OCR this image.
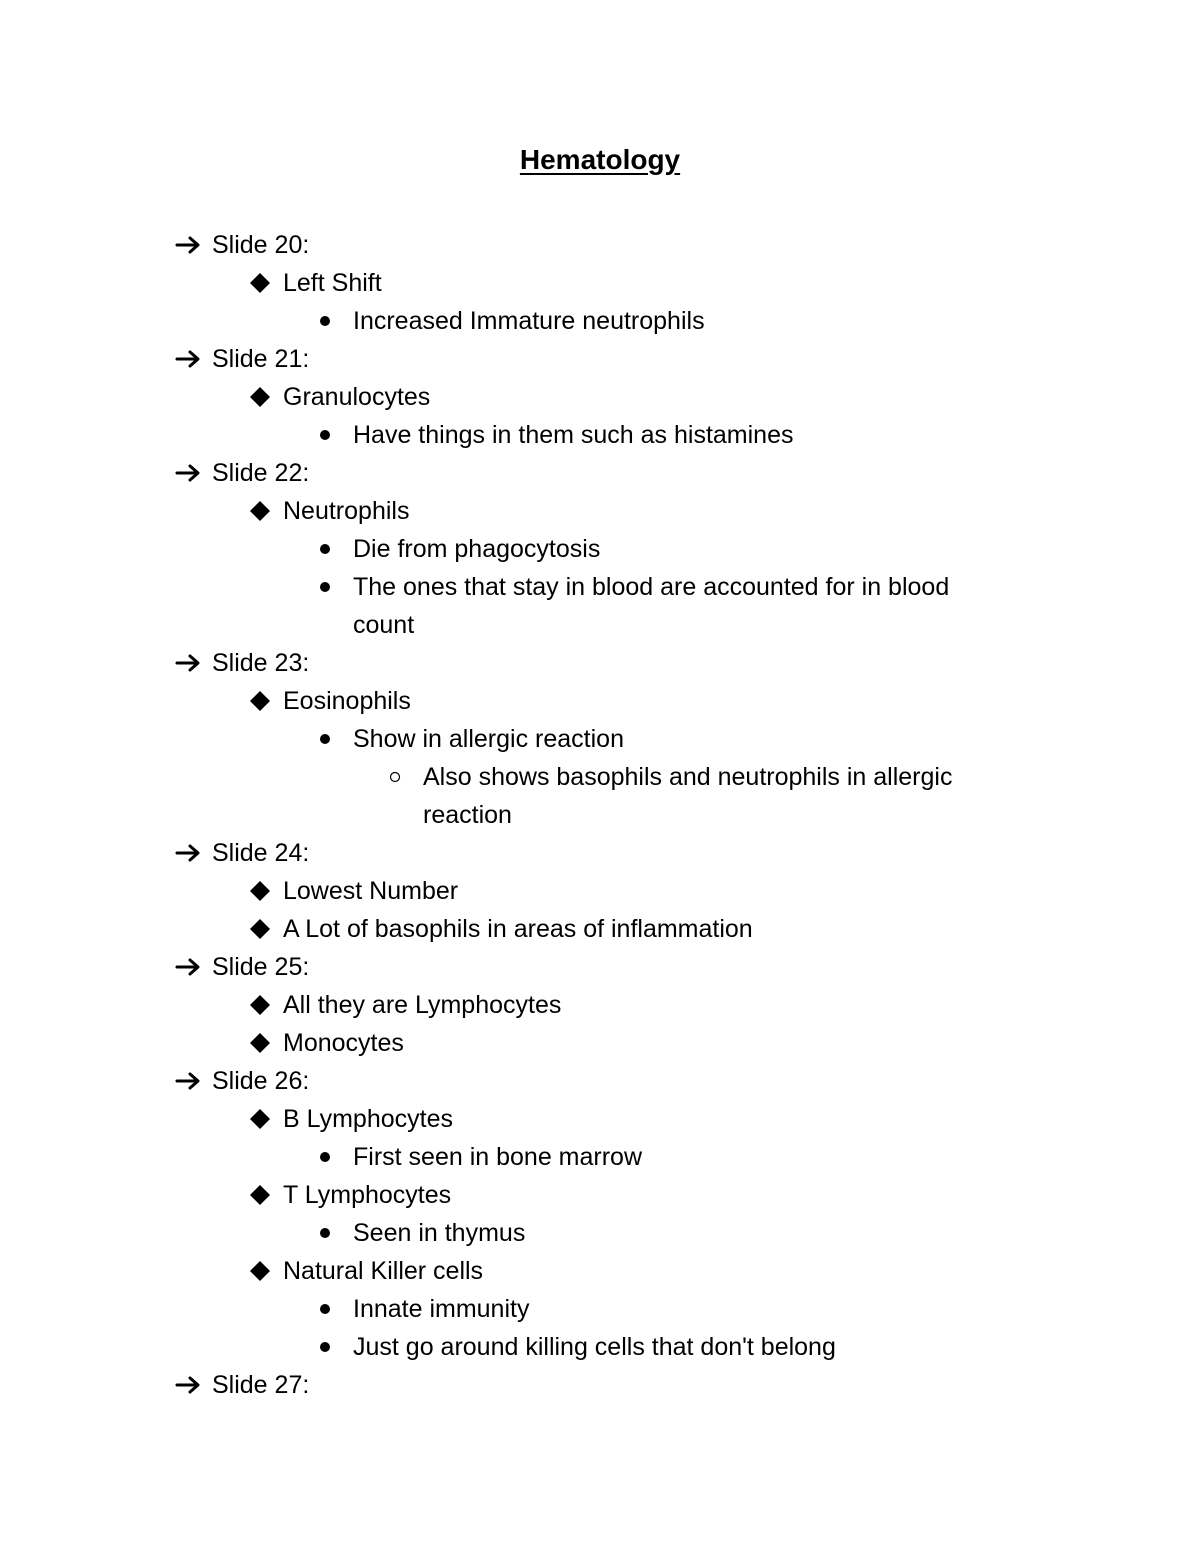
Hematology
Slide 20:
Left Shift
Increased Immature neutrophils
Slide 21:
Granulocytes
Have things in them such as histamines
Slide 22:
Neutrophils
Die from phagocytosis
The ones that stay in blood are accounted for in blood count
Slide 23:
Eosinophils
Show in allergic reaction
Also shows basophils and neutrophils in allergic reaction
Slide 24:
Lowest Number
A Lot of basophils in areas of inflammation
Slide 25:
All they are Lymphocytes
Monocytes
Slide 26:
B Lymphocytes
First seen in bone marrow
T Lymphocytes
Seen in thymus
Natural Killer cells
Innate immunity
Just go around killing cells that don't belong
Slide 27:
